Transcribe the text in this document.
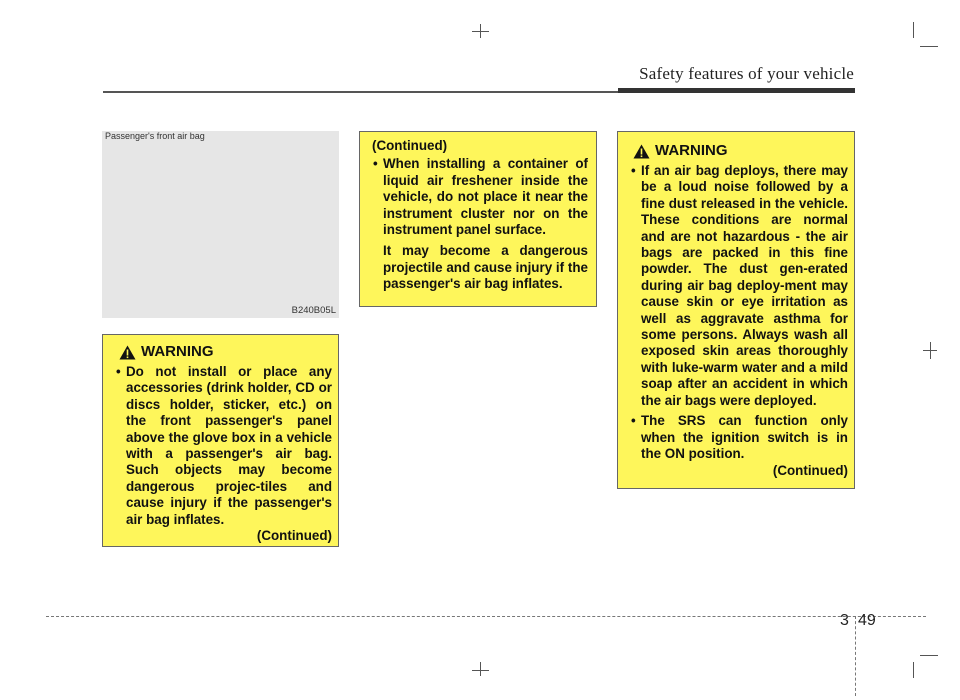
Safety features of your vehicle
Passenger's front air bag
B240B05L
WARNING
• Do not install or place any accessories (drink holder, CD or discs holder, sticker, etc.) on the front passenger's panel above the glove box in a vehicle with a passenger's air bag. Such objects may become dangerous projec-tiles and cause injury if the passenger's air bag inflates.
(Continued)
(Continued)
• When installing a container of liquid air freshener inside the vehicle, do not place it near the instrument cluster nor on the instrument panel surface.
It may become a dangerous projectile and cause injury if the passenger's air bag inflates.
WARNING
• If an air bag deploys, there may be a loud noise followed by a fine dust released in the vehicle. These conditions are normal and are not hazardous - the air bags are packed in this fine powder. The dust gen-erated during air bag deploy-ment may cause skin or eye irritation as well as aggravate asthma for some persons. Always wash all exposed skin areas thoroughly with luke-warm water and a mild soap after an accident in which the air bags were deployed.
• The SRS can function only when the ignition switch is in the ON position.
(Continued)
3 49
